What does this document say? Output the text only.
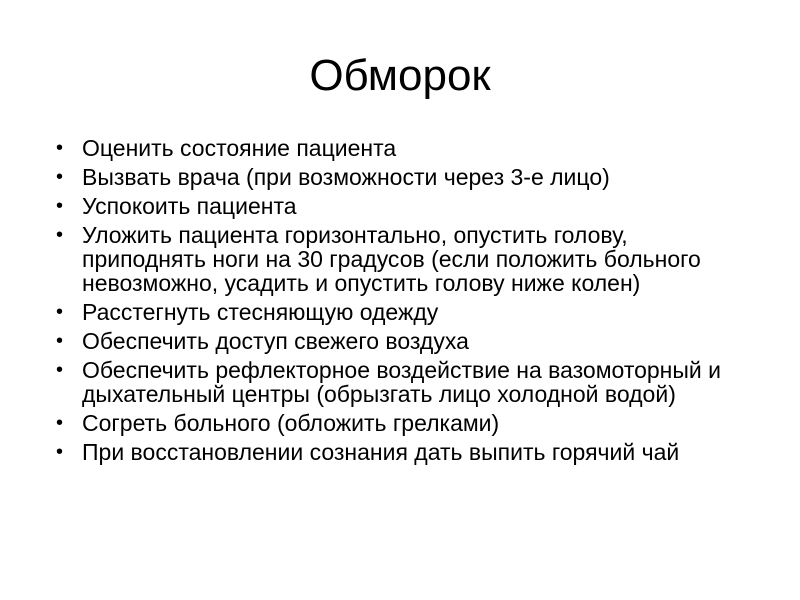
Обморок
• Оценить состояние пациента
• Вызвать врача (при возможности через 3-е лицо)
• Успокоить пациента
• Уложить пациента горизонтально, опустить голову, приподнять ноги на 30 градусов (если положить больного невозможно, усадить и опустить голову ниже колен)
• Расстегнуть стесняющую одежду
• Обеспечить доступ свежего воздуха
• Обеспечить рефлекторное воздействие на вазомоторный и дыхательный центры (обрызгать лицо холодной водой)
• Согреть больного (обложить грелками)
• При восстановлении сознания дать выпить горячий чай
